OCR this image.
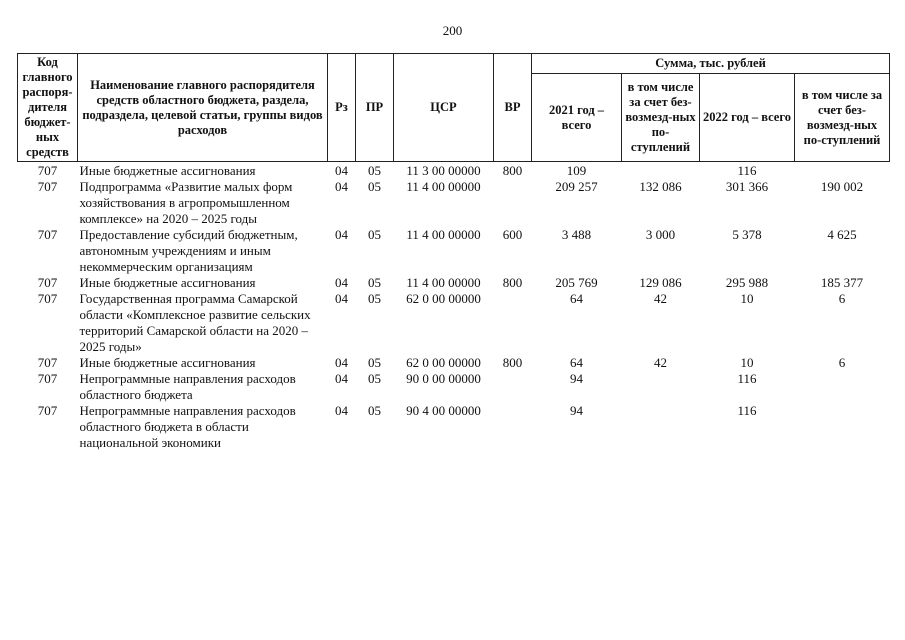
200
Код главного распоря-дителя бюджет-ных средств	Наименование главного распорядителя средств областного бюджета, раздела, подраздела, целевой статьи, группы видов расходов	Рз	ПР	ЦСР	ВР	Сумма, тыс. рублей			
						2021 год – всего	в том числе за счет без-возмезд-ных по-ступлений	2022 год – всего	в том числе за счет без-возмезд-ных по-ступлений
707	Иные бюджетные ассигнования	04	05	11 3 00 00000	800	109		116	
707	Подпрограмма «Развитие малых форм хозяйствования в агропромышленном комплексе» на 2020 – 2025 годы	04	05	11 4 00 00000		209 257	132 086	301 366	190 002
707	Предоставление субсидий бюджетным, автономным учреждениям и иным некоммерческим организациям	04	05	11 4 00 00000	600	3 488	3 000	5 378	4 625
707	Иные бюджетные ассигнования	04	05	11 4 00 00000	800	205 769	129 086	295 988	185 377
707	Государственная программа Самарской области «Комплексное развитие сельских территорий Самарской области на 2020 – 2025 годы»	04	05	62 0 00 00000		64	42	10	6
707	Иные бюджетные ассигнования	04	05	62 0 00 00000	800	64	42	10	6
707	Непрограммные направления расходов областного бюджета	04	05	90 0 00 00000		94		116	
707	Непрограммные направления расходов областного бюджета в области национальной экономики	04	05	90 4 00 00000		94		116	
